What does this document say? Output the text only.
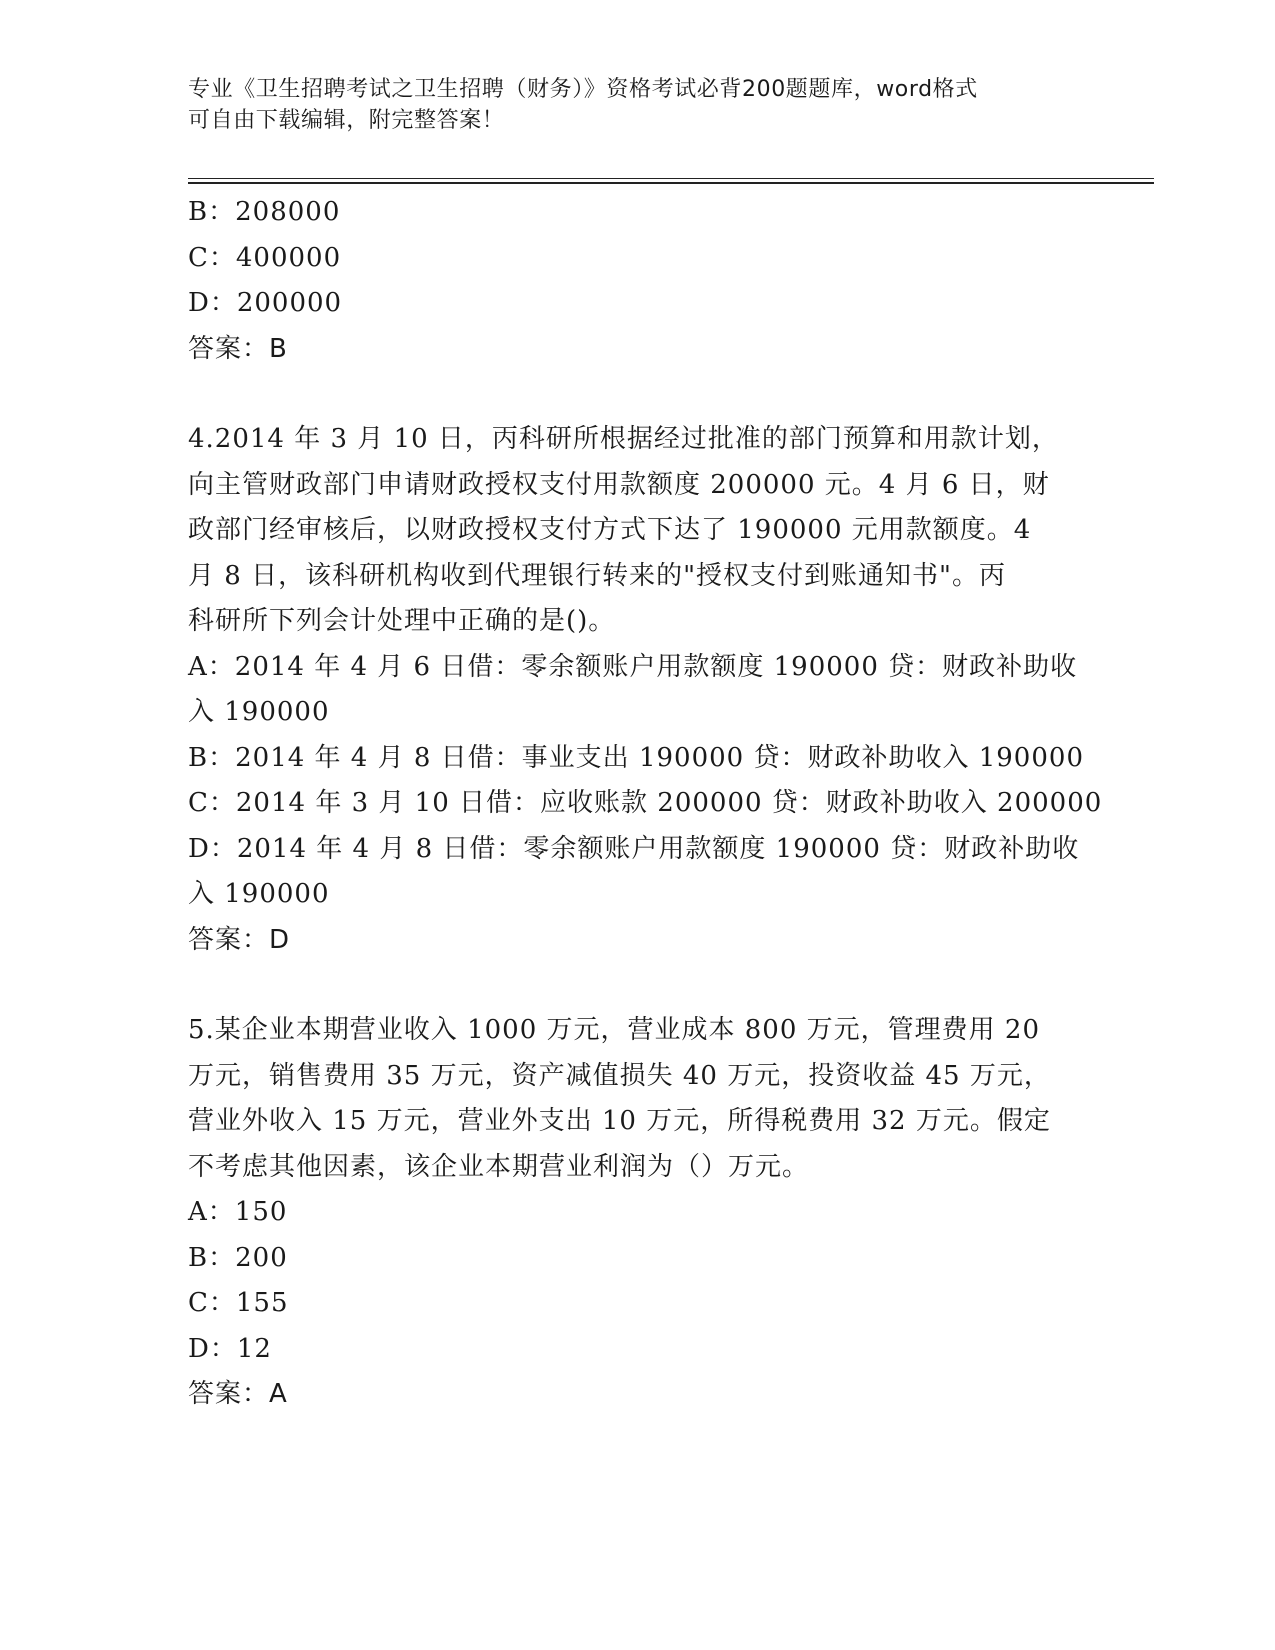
专业《卫生招聘考试之卫生招聘（财务）》资格考试必背200题题库，word格式
可自由下载编辑，附完整答案！

B：208000

C：400000

D：200000

答案：B

4.2014 年 3 月 10 日，丙科研所根据经过批准的部门预算和用款计划，

向主管财政部门申请财政授权支付用款额度 200000 元。4 月 6 日，财

政部门经审核后，以财政授权支付方式下达了 190000 元用款额度。4

月 8 日，该科研机构收到代理银行转来的"授权支付到账通知书"。丙

科研所下列会计处理中正确的是()。

A：2014 年 4 月 6 日借：零余额账户用款额度 190000 贷：财政补助收

入 190000

B：2014 年 4 月 8 日借：事业支出 190000 贷：财政补助收入 190000

C：2014 年 3 月 10 日借：应收账款 200000 贷：财政补助收入 200000

D：2014 年 4 月 8 日借：零余额账户用款额度 190000 贷：财政补助收

入 190000

答案：D

5.某企业本期营业收入 1000 万元，营业成本 800 万元，管理费用 20

万元，销售费用 35 万元，资产减值损失 40 万元，投资收益 45 万元，

营业外收入 15 万元，营业外支出 10 万元，所得税费用 32 万元。假定

不考虑其他因素，该企业本期营业利润为（）万元。

A：150

B：200

C：155

D：12

答案：A
